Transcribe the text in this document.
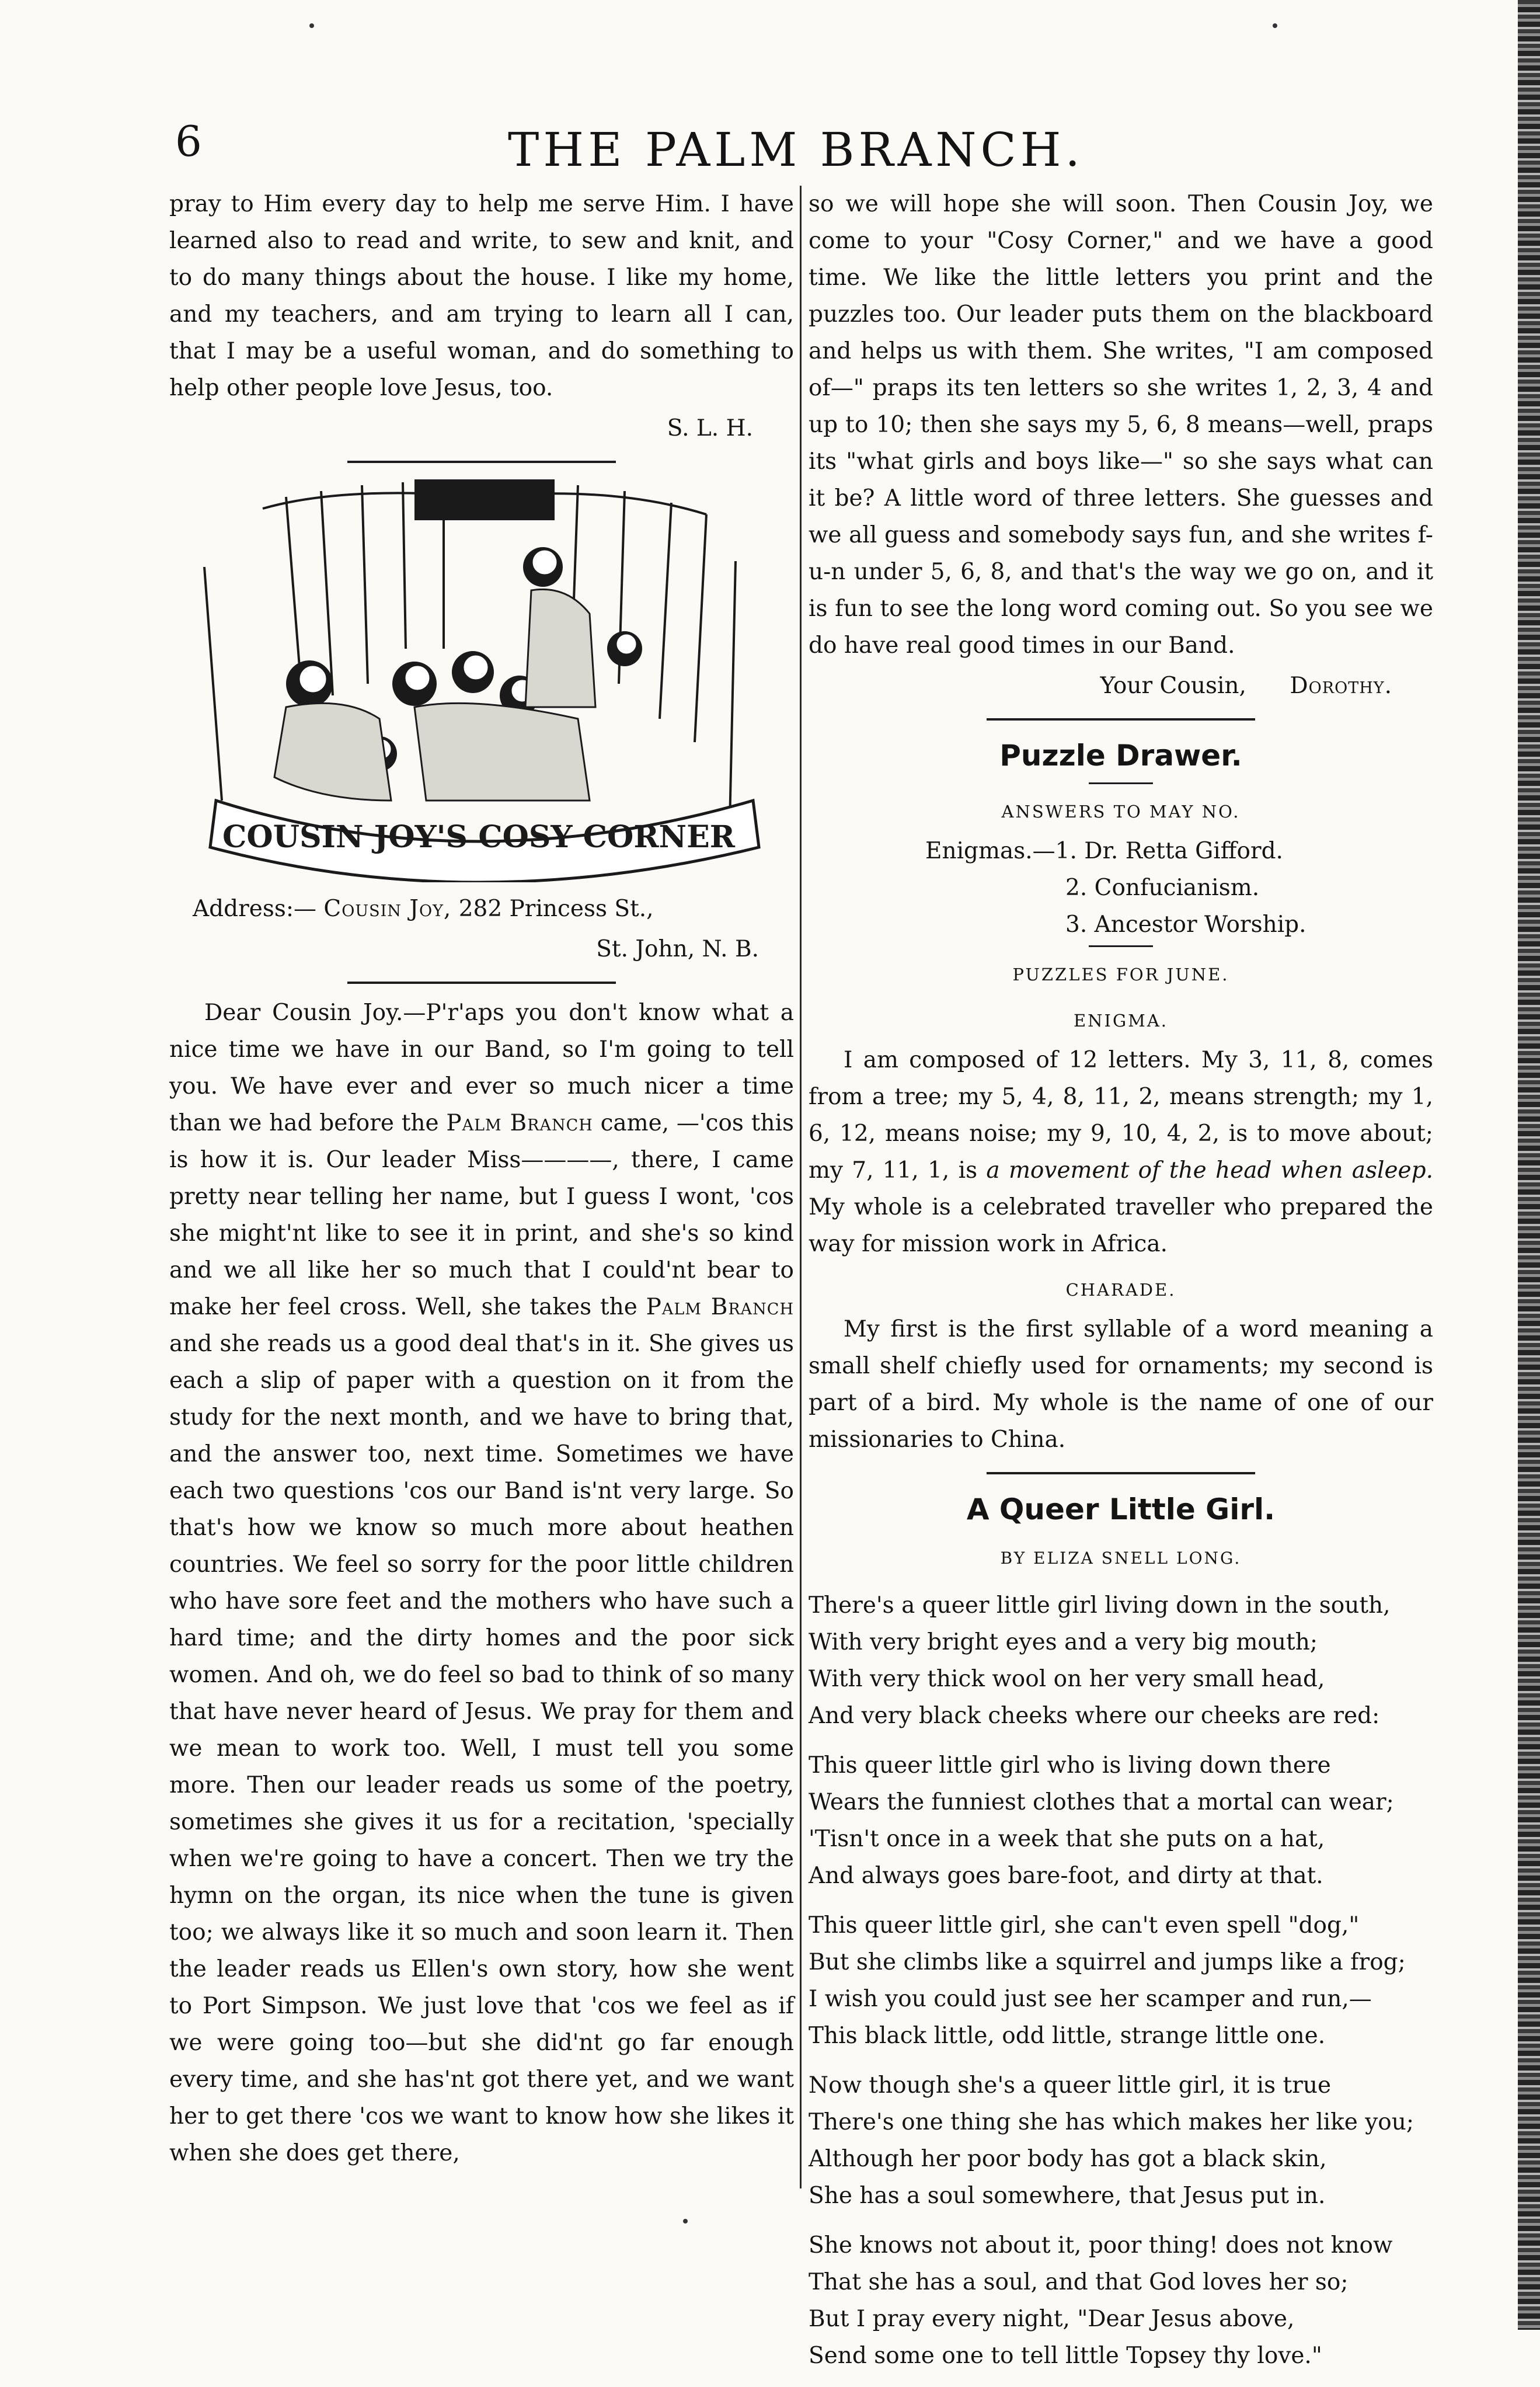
6	THE PALM BRANCH.

pray to Him every day to help me serve Him. I have learned also to read and write, to sew and knit, and to do many things about the house. I like my home, and my teachers, and am trying to learn all I can, that I may be a useful woman, and do something to help other people love Jesus, too.

S. L. H.

COUSIN JOY'S COSY CORNER

Address:— Cousin Joy, 282 Princess St.,

St. John, N. B.

Dear Cousin Joy.—P'r'aps you don't know what a nice time we have in our Band, so I'm going to tell you. We have ever and ever so much nicer a time than we had before the Palm Branch came, —'cos this is how it is. Our leader Miss————, there, I came pretty near telling her name, but I guess I wont, 'cos she might'nt like to see it in print, and she's so kind and we all like her so much that I could'nt bear to make her feel cross. Well, she takes the Palm Branch and she reads us a good deal that's in it. She gives us each a slip of paper with a question on it from the study for the next month, and we have to bring that, and the answer too, next time. Sometimes we have each two questions 'cos our Band is'nt very large. So that's how we know so much more about heathen countries. We feel so sorry for the poor little children who have sore feet and the mothers who have such a hard time; and the dirty homes and the poor sick women. And oh, we do feel so bad to think of so many that have never heard of Jesus. We pray for them and we mean to work too. Well, I must tell you some more. Then our leader reads us some of the poetry, sometimes she gives it us for a recitation, 'specially when we're going to have a concert. Then we try the hymn on the organ, its nice when the tune is given too; we always like it so much and soon learn it. Then the leader reads us Ellen's own story, how she went to Port Simpson. We just love that 'cos we feel as if we were going too—but she did'nt go far enough every time, and she has'nt got there yet, and we want her to get there 'cos we want to know how she likes it when she does get there,

so we will hope she will soon. Then Cousin Joy, we come to your "Cosy Corner," and we have a good time. We like the little letters you print and the puzzles too. Our leader puts them on the blackboard and helps us with them. She writes, "I am composed of—" praps its ten letters so she writes 1, 2, 3, 4 and up to 10; then she says my 5, 6, 8 means—well, praps its "what girls and boys like—" so she says what can it be? A little word of three letters. She guesses and we all guess and somebody says fun, and she writes f-u-n under 5, 6, 8, and that's the way we go on, and it is fun to see the long word coming out. So you see we do have real good times in our Band.

Your Cousin, Dorothy.

Puzzle Drawer.
ANSWERS TO MAY NO.
Enigmas.—1. Dr. Retta Gifford.
2. Confucianism.
3. Ancestor Worship.
PUZZLES FOR JUNE.
ENIGMA.

I am composed of 12 letters. My 3, 11, 8, comes from a tree; my 5, 4, 8, 11, 2, means strength; my 1, 6, 12, means noise; my 9, 10, 4, 2, is to move about; my 7, 11, 1, is a movement of the head when asleep. My whole is a celebrated traveller who prepared the way for mission work in Africa.

CHARADE.

My first is the first syllable of a word meaning a small shelf chiefly used for ornaments; my second is part of a bird. My whole is the name of one of our missionaries to China.

A Queer Little Girl.
BY ELIZA SNELL LONG.
There's a queer little girl living down in the south,
With very bright eyes and a very big mouth;
With very thick wool on her very small head,
And very black cheeks where our cheeks are red:
This queer little girl who is living down there
Wears the funniest clothes that a mortal can wear;
'Tisn't once in a week that she puts on a hat,
And always goes bare-foot, and dirty at that.
This queer little girl, she can't even spell "dog,"
But she climbs like a squirrel and jumps like a frog;
I wish you could just see her scamper and run,—
This black little, odd little, strange little one.
Now though she's a queer little girl, it is true
There's one thing she has which makes her like you;
Although her poor body has got a black skin,
She has a soul somewhere, that Jesus put in.
She knows not about it, poor thing! does not know
That she has a soul, and that God loves her so;
But I pray every night, "Dear Jesus above,
Send some one to tell little Topsey thy love."
